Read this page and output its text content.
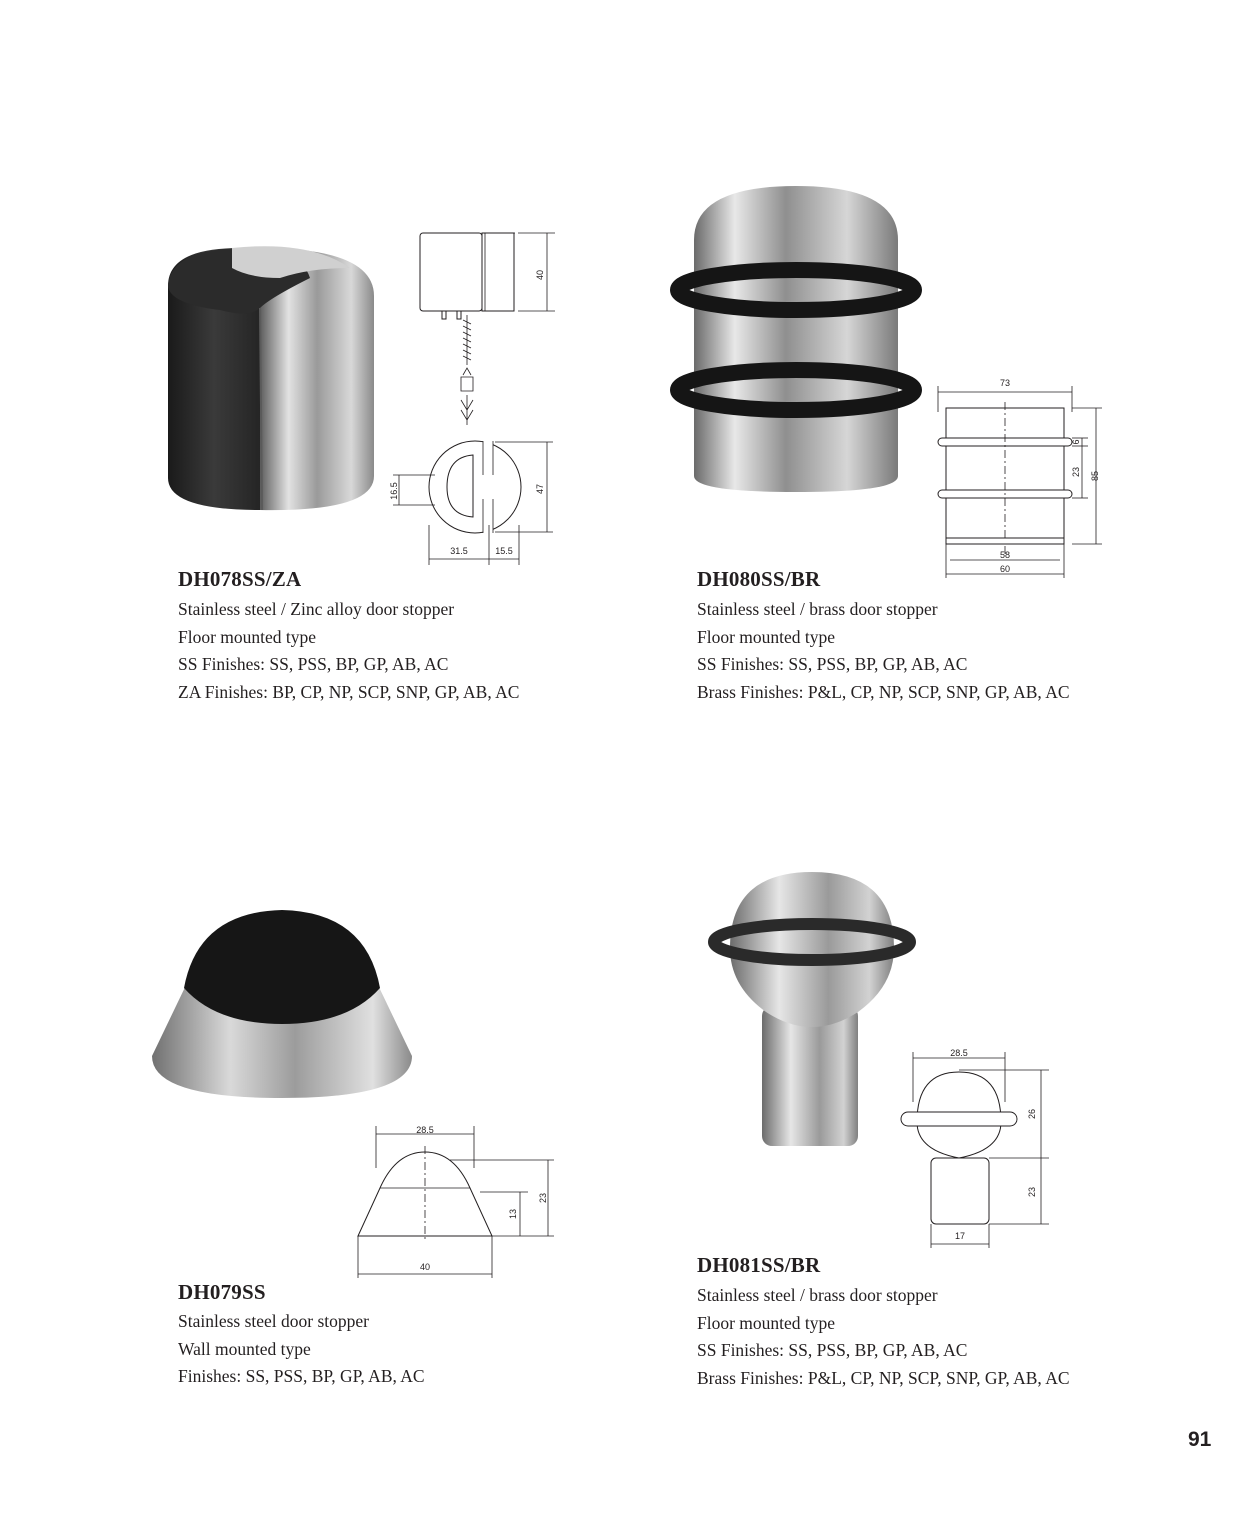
40
47
16.5
31.5	15.5
DH078SS/ZA
Stainless steel / Zinc alloy door stopper
Floor mounted type
SS Finishes: SS, PSS, BP, GP, AB, AC
ZA Finishes: BP, CP, NP, SCP, SNP, GP, AB, AC
73
85
6
23
58
60
DH080SS/BR
Stainless steel / brass door stopper
Floor mounted type
SS Finishes: SS, PSS, BP, GP, AB, AC
Brass Finishes: P&L, CP, NP, SCP, SNP, GP, AB, AC
28.5
13
23
40
DH079SS
Stainless steel door stopper
Wall mounted type
Finishes: SS, PSS, BP, GP, AB, AC
28.5
26
23
17
DH081SS/BR
Stainless steel / brass door stopper
Floor mounted type
SS Finishes: SS, PSS, BP, GP, AB, AC
Brass Finishes: P&L, CP, NP, SCP, SNP, GP, AB, AC
91
